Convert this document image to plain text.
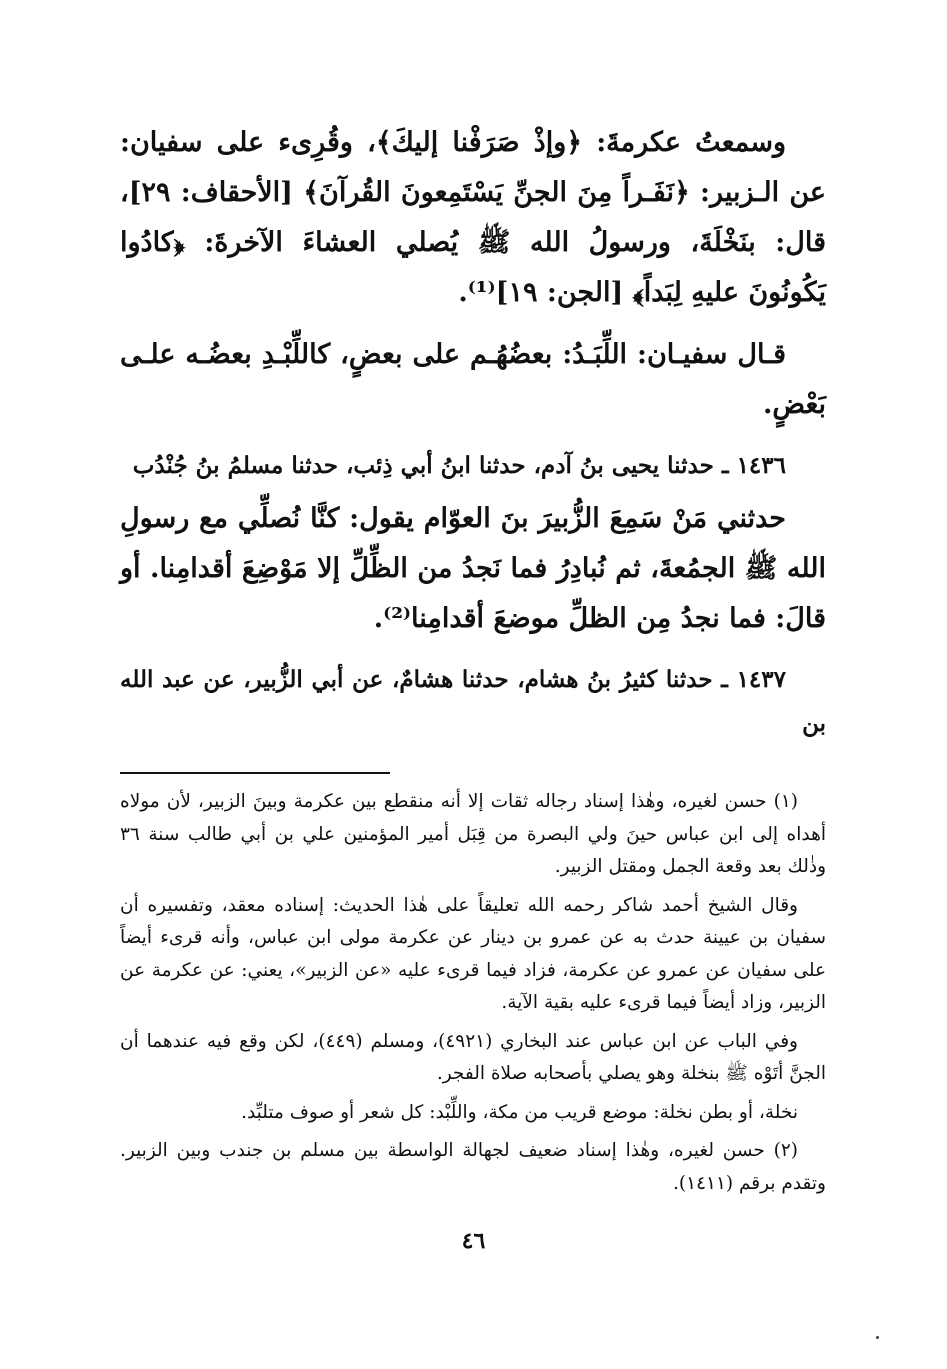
وسمعتُ عكرمةَ: ﴿وإذْ صَرَفْنا إليكَ﴾، وقُرِىء على سفيان: عن الـزبير: ﴿نَفَـراً مِنَ الجنِّ يَسْتَمِعونَ القُرآنَ﴾ [الأحقاف: ٢٩]، قال: بنَخْلَةَ، ورسولُ الله ﷺ يُصلي العشاءَ الآخرةَ: ﴿كادُوا يَكُونُونَ عليهِ لِبَداً﴾ [الجن: ١٩]⁽¹⁾.

قـال سفيـان: اللِّبَـدُ: بعضُهُـم على بعضٍ، كاللِّبْـدِ بعضُـه علـى بَعْضٍ.

١٤٣٦ ـ حدثنا يحيى بنُ آدم، حدثنا ابنُ أبي ذِئب، حدثنا مسلمُ بنُ جُنْدُب

حدثني مَنْ سَمِعَ الزُّبيرَ بنَ العوّام يقول: كنَّا نُصلِّي مع رسولِ الله ﷺ الجمُعةَ، ثم نُبادِرُ فما نَجدُ من الظِّلِّ إلا مَوْضِعَ أقدامِنا. أو قالَ: فما نجدُ مِن الظلِّ موضعَ أقدامِنا⁽²⁾.

١٤٣٧ ـ حدثنا كثيرُ بنُ هشام، حدثنا هشامٌ، عن أبي الزُّبير، عن عبد الله بن

(١) حسن لغيره، وهٰذا إسناد رجاله ثقات إلا أنه منقطع بين عكرمة وبينَ الزبير، لأن مولاه أهداه إلى ابن عباس حينَ ولي البصرة من قِبَل أمير المؤمنين علي بن أبي طالب سنة ٣٦ وذٰلك بعد وقعة الجمل ومقتل الزبير.

وقال الشيخ أحمد شاكر رحمه الله تعليقاً على هٰذا الحديث: إسناده معقد، وتفسيره أن سفيان بن عيينة حدث به عن عمرو بن دينار عن عكرمة مولى ابن عباس، وأنه قرىء أيضاً على سفيان عن عمرو عن عكرمة، فزاد فيما قرىء عليه «عن الزبير»، يعني: عن عكرمة عن الزبير، وزاد أيضاً فيما قرىء عليه بقية الآية.

وفي الباب عن ابن عباس عند البخاري (٤٩٢١)، ومسلم (٤٤٩)، لكن وقع فيه عندهما أن الجنَّ أتَوْه ﷺ بنخلة وهو يصلي بأصحابه صلاة الفجر.

نخلة، أو بطن نخلة: موضع قريب من مكة، واللِّبْد: كل شعر أو صوف متلبِّد.

(٢) حسن لغيره، وهٰذا إسناد ضعيف لجهالة الواسطة بين مسلم بن جندب وبين الزبير. وتقدم برقم (١٤١١).

٤٦
